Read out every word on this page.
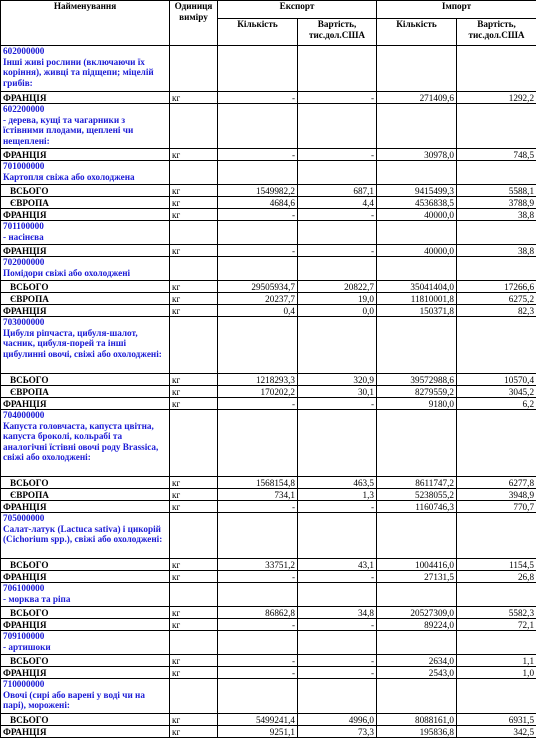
Найменування	Одиниця виміру	Експорт		Імпорт	
		Кількість	Вартість, тис.дол.США	Кількість	Вартість, тис.дол.США
602000000
Інші живі рослини (включаючи їх коріння), живці та підщепи; міцелій грибів:					
ФРАНЦІЯ	кг	-	-	271409,6	1292,2
602200000
- дерева, кущі та чагарники з їстівними плодами, щеплені чи нещеплені:					
ФРАНЦІЯ	кг	-	-	30978,0	748,5
701000000
Картопля свіжа або охолоджена					
ВСЬОГО	кг	1549982,2	687,1	9415499,3	5588,1
ЄВРОПА	кг	4684,6	4,4	4536838,5	3788,9
ФРАНЦІЯ	кг	-	-	40000,0	38,8
701100000
- насінєва					
ФРАНЦІЯ	кг	-	-	40000,0	38,8
702000000
Помідори свіжі або охолоджені					
ВСЬОГО	кг	29505934,7	20822,7	35041404,0	17266,6
ЄВРОПА	кг	20237,7	19,0	11810001,8	6275,2
ФРАНЦІЯ	кг	0,4	0,0	150371,8	82,3
703000000
Цибуля ріпчаста, цибуля-шалот, часник, цибуля-порей та інші цибулинні овочі, свіжі або охолоджені:					
ВСЬОГО	кг	1218293,3	320,9	39572988,6	10570,4
ЄВРОПА	кг	170202,2	30,1	8279559,2	3045,2
ФРАНЦІЯ	кг	-	-	9180,0	6,2
704000000
Капуста головчаста, капуста цвітна, капуста броколі, кольрабі та аналогічні їстівні овочі роду Brassica, свіжі або охолоджені:					
ВСЬОГО	кг	1568154,8	463,5	8611747,2	6277,8
ЄВРОПА	кг	734,1	1,3	5238055,2	3948,9
ФРАНЦІЯ	кг	-	-	1160746,3	770,7
705000000
Салат-латук (Lactuca sativa) і цикорій (Cichorium spp.), свіжі або охолоджені:					
ВСЬОГО	кг	33751,2	43,1	1004416,0	1154,5
ФРАНЦІЯ	кг	-	-	27131,5	26,8
706100000
- морква та ріпа					
ВСЬОГО	кг	86862,8	34,8	20527309,0	5582,3
ФРАНЦІЯ	кг	-	-	89224,0	72,1
709100000
- артишоки					
ВСЬОГО	кг	-	-	2634,0	1,1
ФРАНЦІЯ	кг	-	-	2543,0	1,0
710000000
Овочі (сирі або варені у воді чи на парі), морожені:					
ВСЬОГО	кг	5499241,4	4996,0	8088161,0	6931,5
ФРАНЦІЯ	кг	9251,1	73,3	195836,8	342,5
